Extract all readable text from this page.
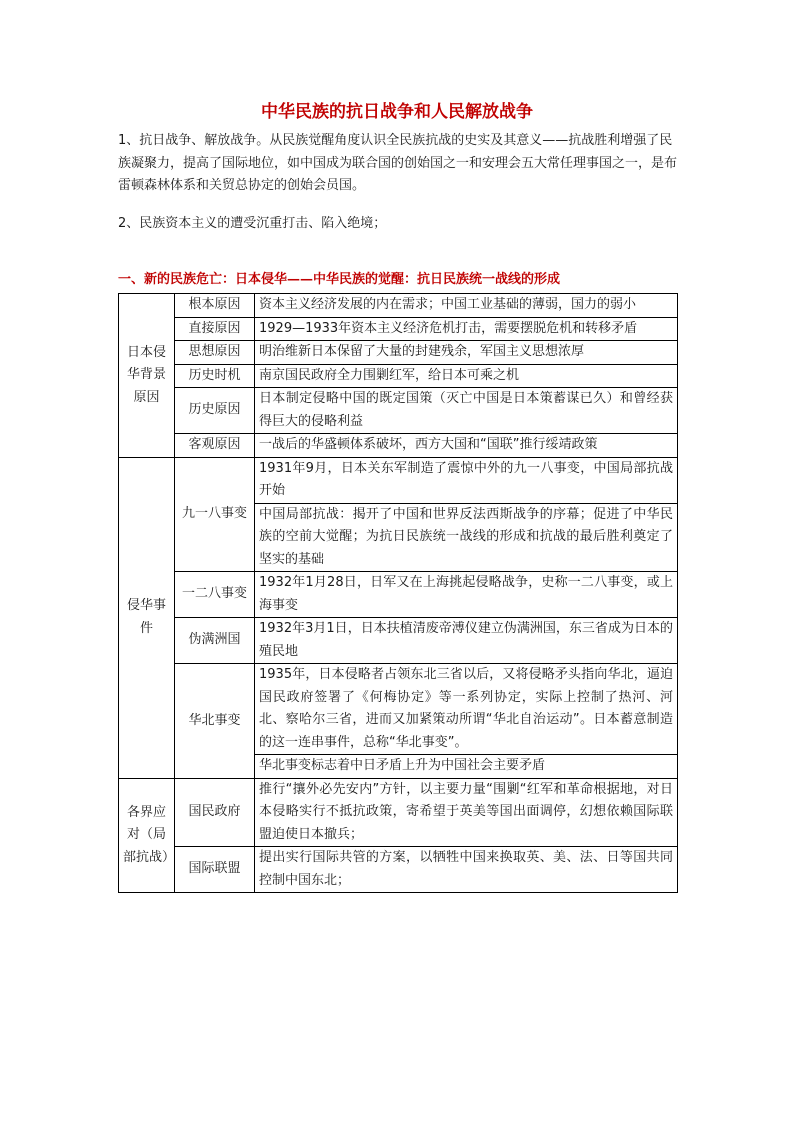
中华民族的抗日战争和人民解放战争
1、抗日战争、解放战争。从民族觉醒角度认识全民族抗战的史实及其意义——抗战胜利增强了民族凝聚力，提高了国际地位，如中国成为联合国的创始国之一和安理会五大常任理事国之一，是布雷顿森林体系和关贸总协定的创始会员国。
2、民族资本主义的遭受沉重打击、陷入绝境；
一、新的民族危亡：日本侵华——中华民族的觉醒：抗日民族统一战线的形成
日本侵华背景原因	根本原因	资本主义经济发展的内在需求；中国工业基础的薄弱，国力的弱小
	直接原因	1929—1933年资本主义经济危机打击，需要摆脱危机和转移矛盾
	思想原因	明治维新日本保留了大量的封建残余，军国主义思想浓厚
	历史时机	南京国民政府全力围剿红军，给日本可乘之机
	历史原因	日本制定侵略中国的既定国策（灭亡中国是日本策蓄谋已久）和曾经获得巨大的侵略利益
	客观原因	一战后的华盛顿体系破坏，西方大国和“国联”推行绥靖政策
侵华事件	九一八事变	1931年9月，日本关东军制造了震惊中外的九一八事变，中国局部抗战开始
		中国局部抗战：揭开了中国和世界反法西斯战争的序幕；促进了中华民族的空前大觉醒；为抗日民族统一战线的形成和抗战的最后胜利奠定了坚实的基础
	一二八事变	1932年1月28日，日军又在上海挑起侵略战争，史称一二八事变，或上海事变
	伪满洲国	1932年3月1日，日本扶植清废帝溥仪建立伪满洲国，东三省成为日本的殖民地
	华北事变	1935年，日本侵略者占领东北三省以后，又将侵略矛头指向华北，逼迫国民政府签署了《何梅协定》等一系列协定，实际上控制了热河、河北、察哈尔三省，进而又加紧策动所谓“华北自治运动”。日本蓄意制造的这一连串事件，总称“华北事变”。
		华北事变标志着中日矛盾上升为中国社会主要矛盾
各界应对（局部抗战）	国民政府	推行“攘外必先安内”方针，以主要力量“围剿“红军和革命根据地，对日本侵略实行不抵抗政策，寄希望于英美等国出面调停，幻想依赖国际联盟迫使日本撤兵；
	国际联盟	提出实行国际共管的方案，以牺牲中国来换取英、美、法、日等国共同控制中国东北；
